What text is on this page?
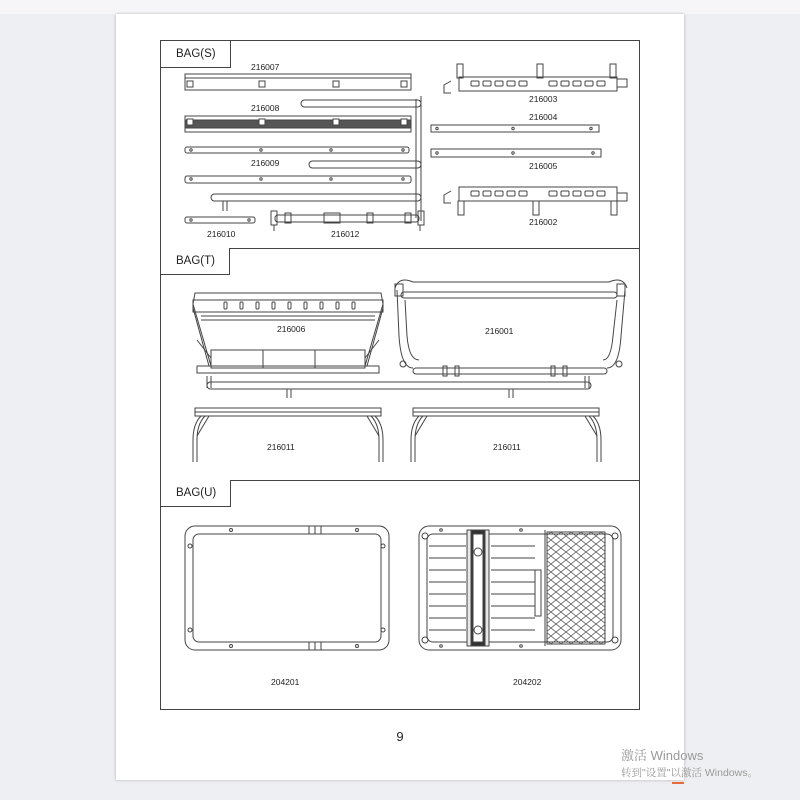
BAG(S)
216007
216008
216003
216004
216009	216005
216002
216010	216012
BAG(T)
216006	216001
216011	216011
BAG(U)
204201	204202
9
激活 Windows
转到"设置"以激活 Windows。
